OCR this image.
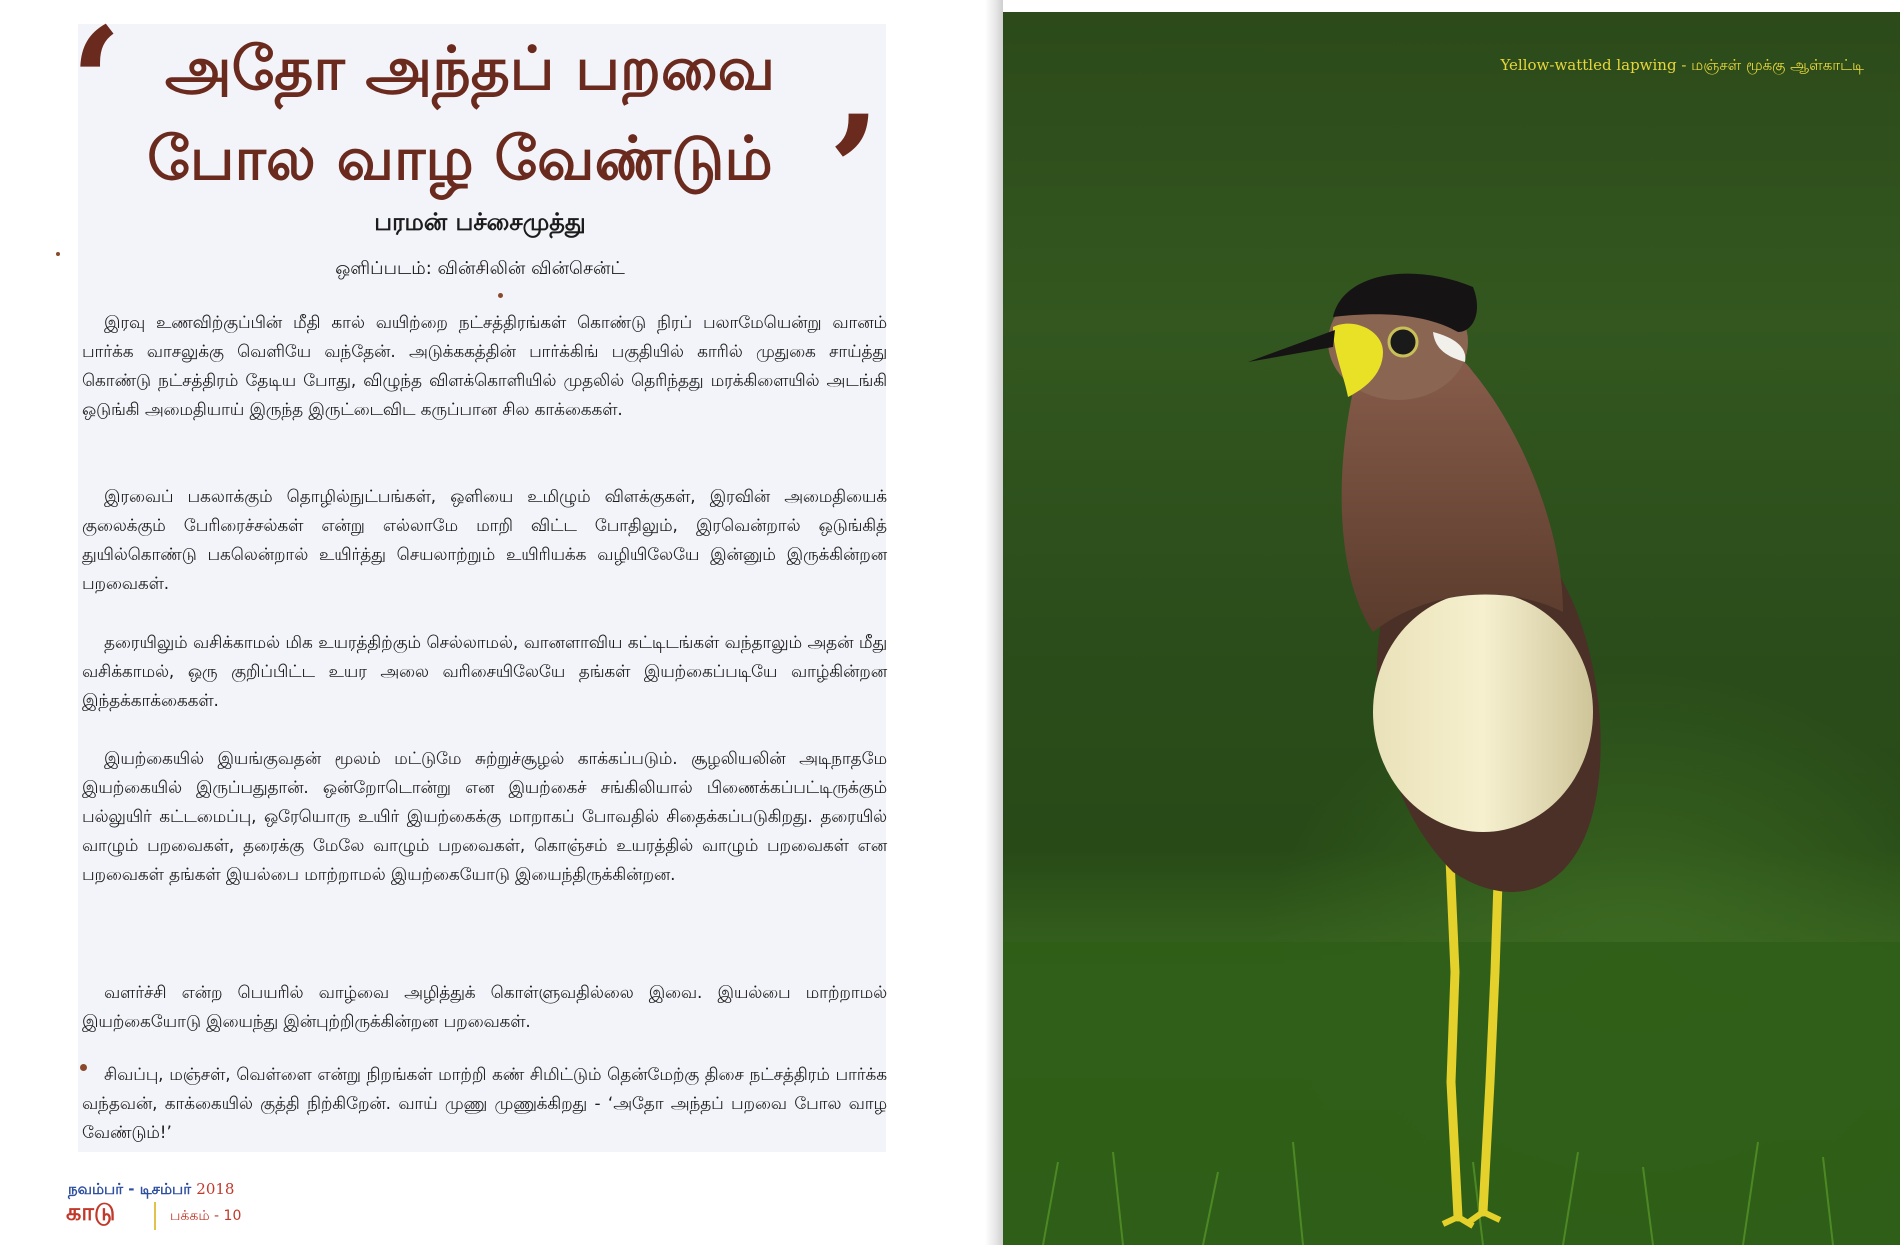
‘ அதோ அந்தப் பறவை
போல வாழ வேண்டும் ’
பரமன் பச்சைமுத்து
ஒளிப்படம்: வின்சிலின் வின்சென்ட்

இரவு உணவிற்குப்பின் மீதி கால் வயிற்றை நட்சத்திரங்கள் கொண்டு நிரப் பலாமேயென்று வானம் பார்க்க வாசலுக்கு வெளியே வந்தேன். அடுக்ககத்தின் பார்க்கிங் பகுதியில் காரில் முதுகை சாய்த்து கொண்டு நட்சத்திரம் தேடிய போது, விழுந்த விளக்கொளியில் முதலில் தெரிந்தது மரக்கிளையில் அடங்கி ஒடுங்கி அமைதியாய் இருந்த இருட்டைவிட கருப்பான சில காக்கைகள்.

இரவைப் பகலாக்கும் தொழில்நுட்பங்கள், ஒளியை உமிழும் விளக்குகள், இரவின் அமைதியைக் குலைக்கும் பேரிரைச்சல்கள் என்று எல்லாமே மாறி விட்ட போதிலும், இரவென்றால் ஒடுங்கித் துயில்கொண்டு பகலென்றால் உயிர்த்து செயலாற்றும் உயிரியக்க வழியிலேயே இன்னும் இருக்கின்றன பறவைகள்.

தரையிலும் வசிக்காமல் மிக உயரத்திற்கும் செல்லாமல், வானளாவிய கட்டிடங்கள் வந்தாலும் அதன் மீது வசிக்காமல், ஒரு குறிப்பிட்ட உயர அலை வரிசையிலேயே தங்கள் இயற்கைப்படியே வாழ்கின்றன இந்தக்காக்கைகள்.

இயற்கையில் இயங்குவதன் மூலம் மட்டுமே சுற்றுச்சூழல் காக்கப்படும். சூழலியலின் அடிநாதமே இயற்கையில் இருப்பதுதான். ஒன்றோடொன்று என இயற்கைச் சங்கிலியால் பிணைக்கப்பட்டிருக்கும் பல்லுயிர் கட்டமைப்பு, ஒரேயொரு உயிர் இயற்கைக்கு மாறாகப் போவதில் சிதைக்கப்படுகிறது. தரையில் வாழும் பறவைகள், தரைக்கு மேலே வாழும் பறவைகள், கொஞ்சம் உயரத்தில் வாழும் பறவைகள் என பறவைகள் தங்கள் இயல்பை மாற்றாமல் இயற்கையோடு இயைந்திருக்கின்றன.

வளர்ச்சி என்ற பெயரில் வாழ்வை அழித்துக் கொள்ளுவதில்லை இவை. இயல்பை மாற்றாமல் இயற்கையோடு இயைந்து இன்புற்றிருக்கின்றன பறவைகள்.

சிவப்பு, மஞ்சள், வெள்ளை என்று நிறங்கள் மாற்றி கண் சிமிட்டும் தென்மேற்கு திசை நட்சத்திரம் பார்க்க வந்தவன், காக்கையில் குத்தி நிற்கிறேன். வாய் முணு முணுக்கிறது - ‘அதோ அந்தப் பறவை போல வாழ வேண்டும்!’

நவம்பர் - டிசம்பர் 2018
காடு	பக்கம் - 10
Yellow-wattled lapwing - மஞ்சள் மூக்கு ஆள்காட்டி
